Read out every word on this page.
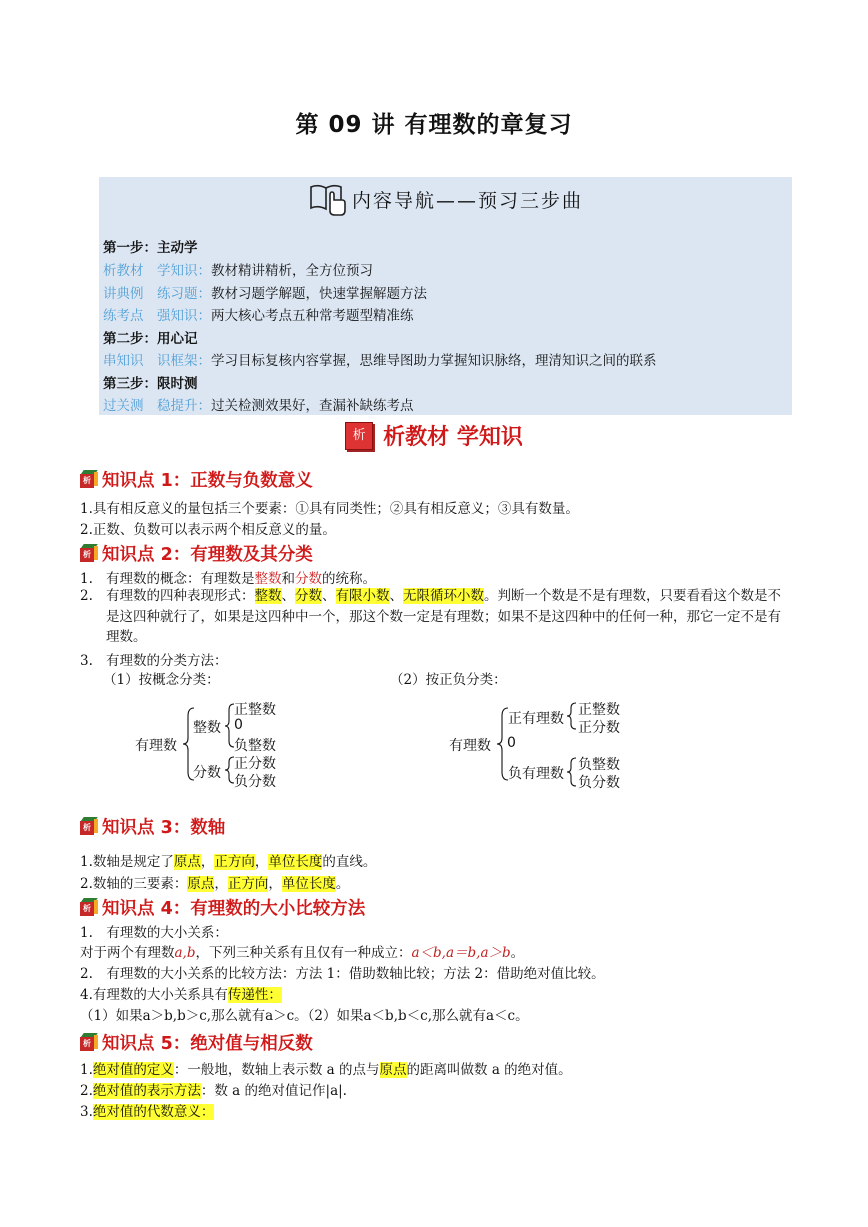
第 09 讲 有理数的章复习
内容导航——预习三步曲
第一步：主动学
析教材　学知识：教材精讲精析，全方位预习
讲典例　练习题：教材习题学解题，快速掌握解题方法
练考点　强知识：两大核心考点五种常考题型精准练
第二步：用心记
串知识　识框架：学习目标复核内容掌握，思维导图助力掌握知识脉络，理清知识之间的联系
第三步：限时测
过关测　稳提升：过关检测效果好，查漏补缺练考点
析 析教材 学知识
析 知识点 1：正数与负数意义
1.具有相反意义的量包括三个要素：①具有同类性；②具有相反意义；③具有数量。
2.正数、负数可以表示两个相反意义的量。
析 知识点 2：有理数及其分类
1. 有理数的概念：有理数是整数和分数的统称。
2. 有理数的四种表现形式：整数、分数、有限小数、无限循环小数。判断一个数是不是有理数，只要看看这个数是不是这四种就行了，如果是这四种中一个，那这个数一定是有理数；如果不是这四种中的任何一种，那它一定不是有理数。
3. 有理数的分类方法：
（1）按概念分类：	（2）按正负分类：
有理数
整数
正整数
0
负整数
分数
正分数
负分数
有理数
正有理数
正整数
正分数
0
负有理数
负整数
负分数
析 知识点 3：数轴
1.数轴是规定了原点，正方向，单位长度的直线。
2.数轴的三要素：原点，正方向，单位长度。
析 知识点 4：有理数的大小比较方法
1.　有理数的大小关系：
对于两个有理数a,b，下列三种关系有且仅有一种成立：a＜b,a＝b,a＞b。
2.　有理数的大小关系的比较方法：方法 1：借助数轴比较；方法 2：借助绝对值比较。
4.有理数的大小关系具有传递性：
（1）如果a＞b,b＞c,那么就有a＞c。（2）如果a＜b,b＜c,那么就有a＜c。
析 知识点 5：绝对值与相反数
1.绝对值的定义：一般地，数轴上表示数 a 的点与原点的距离叫做数 a 的绝对值。
2.绝对值的表示方法：数 a 的绝对值记作|a|.
3.绝对值的代数意义：
